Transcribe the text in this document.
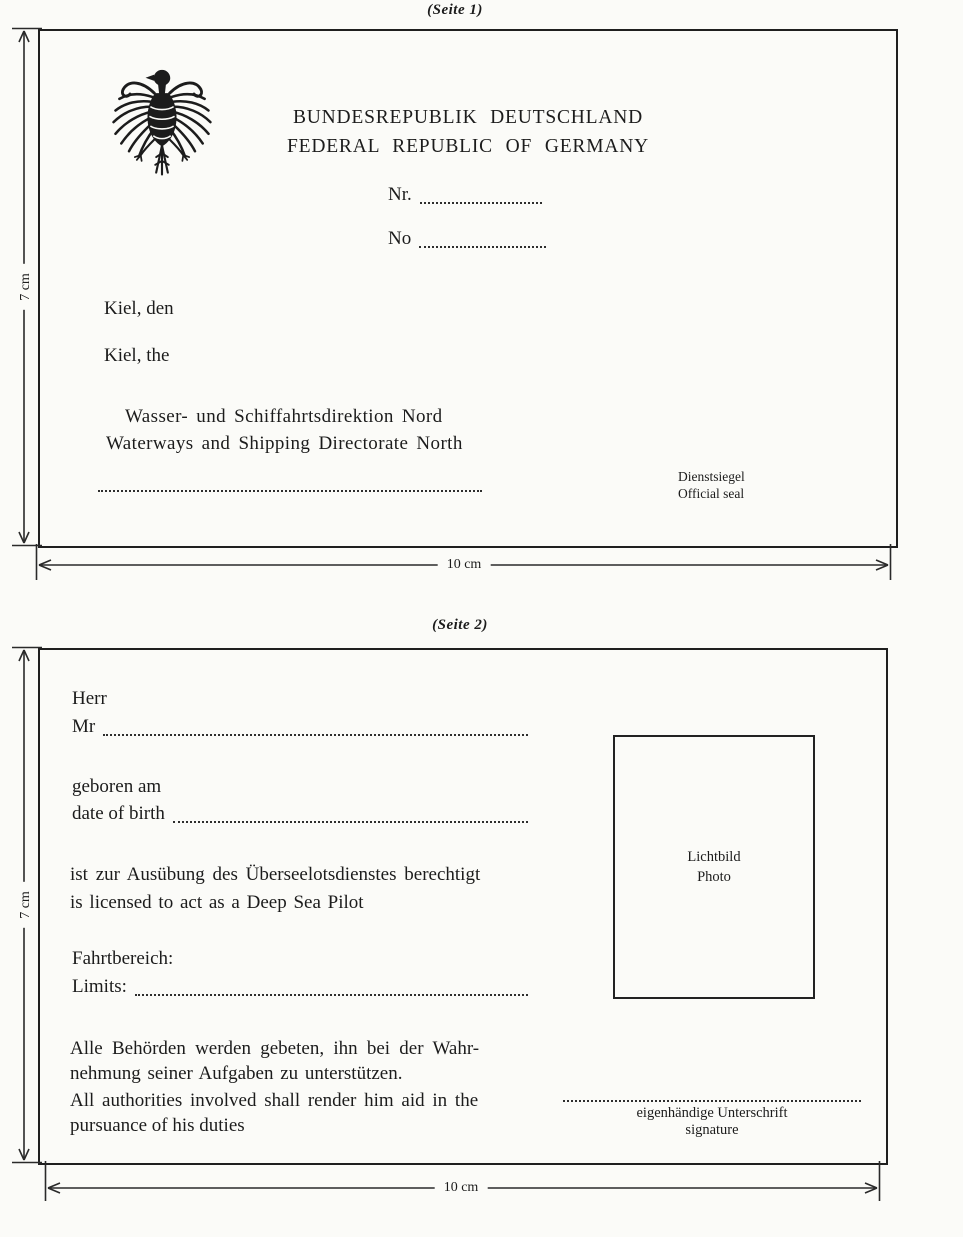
(Seite 1)
BUNDESREPUBLIK DEUTSCHLAND
FEDERAL REPUBLIC OF GERMANY
Nr.
No
Kiel, den
Kiel, the
Wasser- und Schiffahrtsdirektion Nord
Waterways and Shipping Directorate North
Dienstsiegel
Official seal
7 cm
10 cm
(Seite 2)
Herr
Mr
geboren am
date of birth
ist zur Ausübung des Überseelotsdienstes berechtigt
is licensed to act as a Deep Sea Pilot
Fahrtbereich:
Limits:
Alle Behörden werden gebeten, ihn bei der Wahr-
nehmung seiner Aufgaben zu unterstützen.
All authorities involved shall render him aid in the
pursuance of his duties
Lichtbild
Photo
eigenhändige Unterschrift
signature
7 cm
10 cm
